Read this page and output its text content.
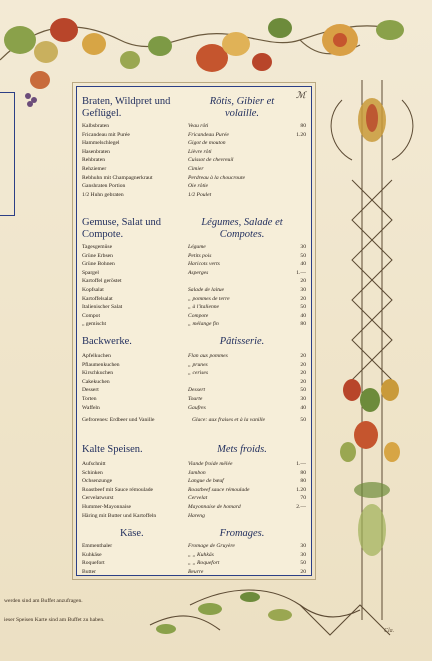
ℳ
Braten, Wildpret und Geflügel.
Rôtis, Gibier et volaille.
Kalbsbraten	Veau rôti	80
Fricandeau mit Purée	Fricandeau Purée	1.20
Hammelschlegel	Gigot de mouton
Hasenbraten	Lièvre rôti
Rehbraten	Cuissot de chevreuil
Rehziemer	Cimier
Rebhuhn mit Champagnerkraut	Perdreau à la choucroute
Ganshraten Portion	Oie rôtie
1/2 Huhn gebraten	1/2 Poulet
Gemuse, Salat und Compote.
Légumes, Salade et Compotes.
Tagesgemüse	Légume	30
Grüne Erbsen	Petits pois	50
Grüne Bohnen	Haricots verts	40
Spargel	Asperges	1.—
Kartoffel geröstet	20
Kopfsalat	Salade de laitue	30
Kartoffelsalat	„ pommes de terre	20
Italienischer Salat	„ à l'italienne	50
Compot	Compote	40
„ gemischt	„ mélange fin	80
Backwerke.	Pâtisserie.
Apfelkuchen	Flan aux pommes	20
Pflaumenkuchen	„ prunes	20
Kirschkuchen	„ cerises	20
Cakekuchen	20
Dessert	Dessert	50
Torten	Tourte	30
Waffeln	Gaufres	40
Gefrorenes: Erdbeer und Vanille	Glace: aux fraises et à la vanille	50
Kalte Speisen.	Mets froids.
Aufschnitt	Viande froide mêlée	1.—
Schinken	Jambon	80
Ochsenzunge	Langue de bœuf	80
Roastbeef mit Sauce rémoulade	Roastbeef sauce rémoulade	1.20
Cervelatwurst	Cervelat	70
Hummer-Mayonnaise	Mayonnaise de homard	2.—
Häring mit Butter und Kartoffeln	Hareng
Käse.	Fromages.
Emmenthaler	Fromage de Gruyère	30
Kuhkäse	„ „ Kuhkäs	30
Roquefort	„ „ Roquefort	50
Butter	Beurre	20
werden sind am Buffet anzufragen.
ieser Speisen Karte sind am Buffet zu haben.
Cla.
